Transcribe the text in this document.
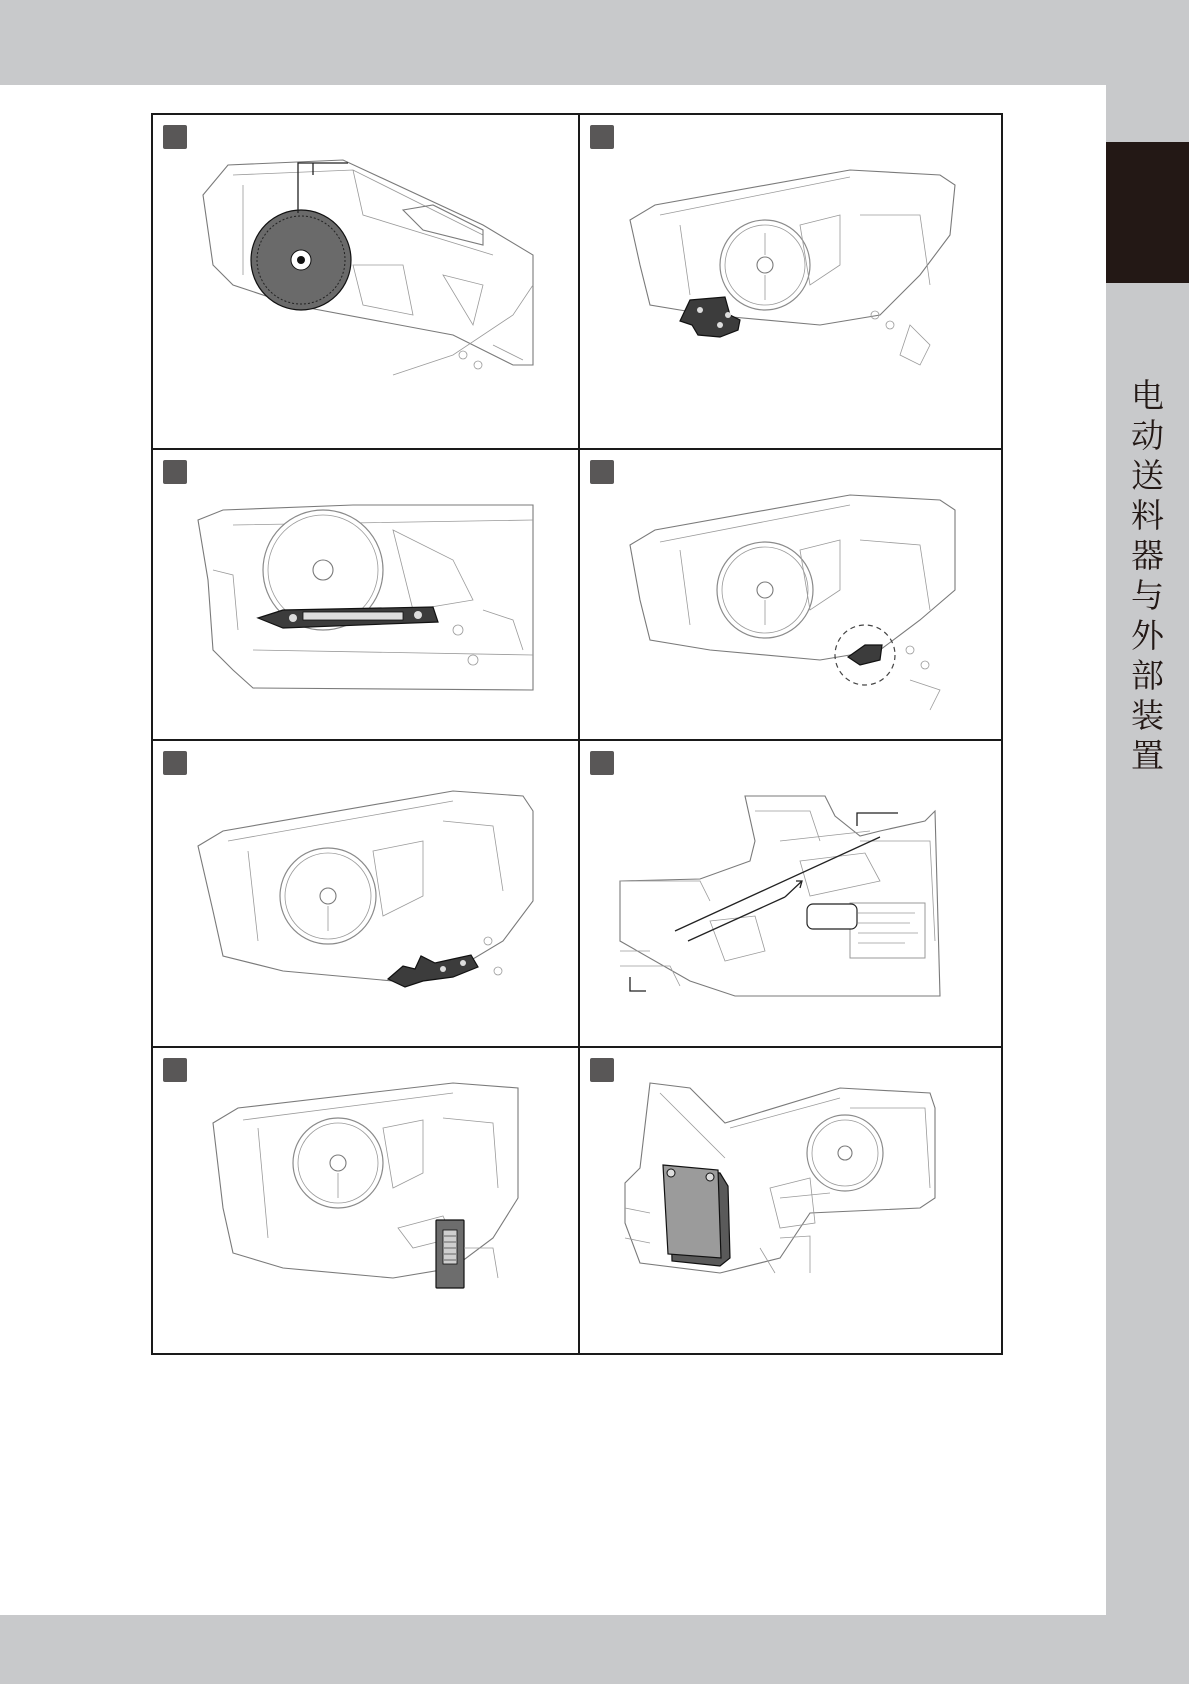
电动送料器与外部装置
